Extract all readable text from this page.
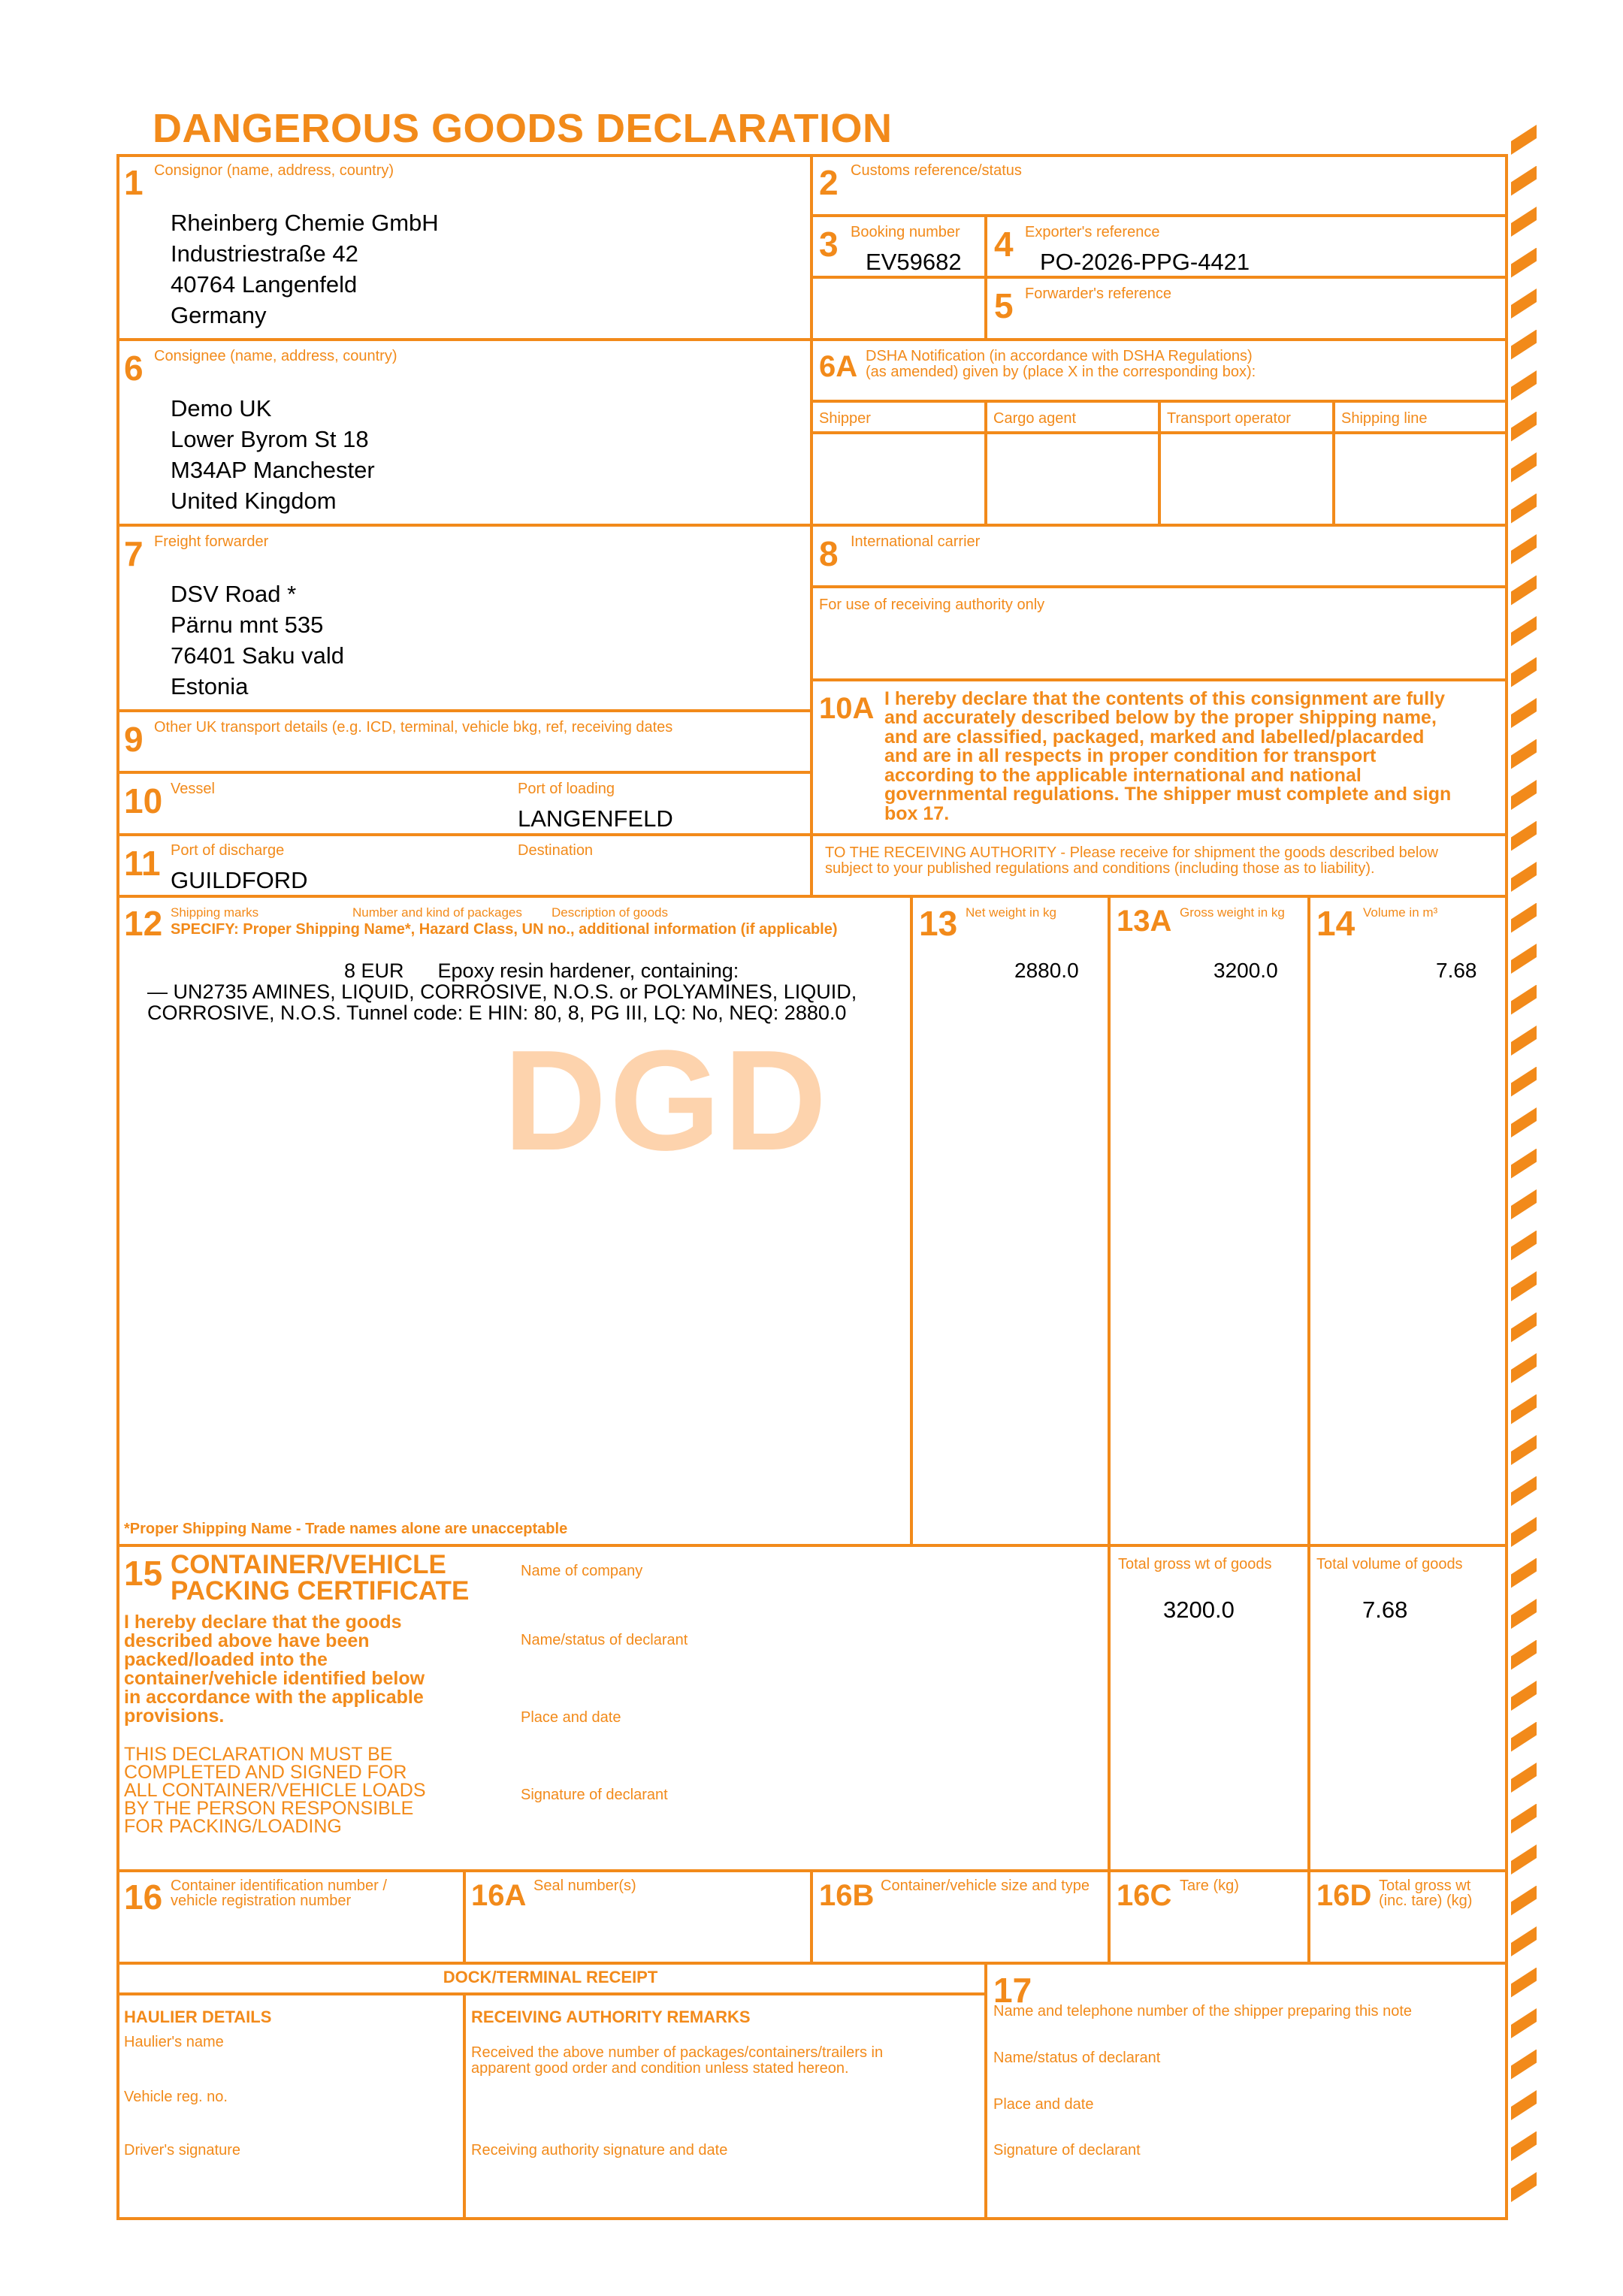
DANGEROUS GOODS DECLARATION
1 Consignor (name, address, country)
Rheinberg Chemie GmbH
Industriestraße 42
40764 Langenfeld
Germany
2 Customs reference/status
3 Booking number
EV59682 4 Exporter's reference
PO-2026-PPG-4421
5 Forwarder's reference
6 Consignee (name, address, country)
Demo UK
Lower Byrom St 18
M34AP Manchester
United Kingdom
6A DSHA Notification (in accordance with DSHA Regulations)
(as amended) given by (place X in the corresponding box):
Shipper	Cargo agent	Transport operator	Shipping line
7 Freight forwarder
DSV Road *
Pärnu mnt 535
76401 Saku vald
Estonia
8 International carrier
For use of receiving authority only
9 Other UK transport details (e.g. ICD, terminal, vehicle bkg, ref, receiving dates
10A I hereby declare that the contents of this consignment are fully
and accurately described below by the proper shipping name,
and are classified, packaged, marked and labelled/placarded
and are in all respects in proper condition for transport
according to the applicable international and national
governmental regulations. The shipper must complete and sign
box 17.
10 Vessel	Port of loading
LANGENFELD
11 Port of discharge
GUILDFORD
Destination	TO THE RECEIVING AUTHORITY - Please receive for shipment the goods described below
subject to your published regulations and conditions (including those as to liability).
12 Shipping marks	Number and kind of packages Description of goods
SPECIFY: Proper Shipping Name*, Hazard Class, UN no., additional information (if applicable)
DGD
8 EUR      Epoxy resin hardener, containing:
— UN2735 AMINES, LIQUID, CORROSIVE, N.O.S. or POLYAMINES, LIQUID,
CORROSIVE, N.O.S. Tunnel code: E HIN: 80, 8, PG III, LQ: No, NEQ: 2880.0
*Proper Shipping Name - Trade names alone are unacceptable
13 Net weight in kg
2880.0
13A Gross weight in kg
3200.0
14 Volume in m³
7.68
15 CONTAINER/VEHICLE
PACKING CERTIFICATE
I hereby declare that the goods
described above have been
packed/loaded into the
container/vehicle identified below
in accordance with the applicable
provisions.
THIS DECLARATION MUST BE
COMPLETED AND SIGNED FOR
ALL CONTAINER/VEHICLE LOADS
BY THE PERSON RESPONSIBLE
FOR PACKING/LOADING
Name of company
Name/status of declarant
Place and date
Signature of declarant
Total gross wt of goods
3200.0
Total volume of goods
7.68
16 Container identification number /
vehicle registration number	16A Seal number(s)	16B Container/vehicle size and type 16C Tare (kg)	16D Total gross wt
(inc. tare) (kg)
DOCK/TERMINAL RECEIPT
HAULIER DETAILS
Haulier's name
Vehicle reg. no.
Driver's signature
RECEIVING AUTHORITY REMARKS
Received the above number of packages/containers/trailers in
apparent good order and condition unless stated hereon.
Receiving authority signature and date
17
Name and telephone number of the shipper preparing this note
Name/status of declarant
Place and date
Signature of declarant
